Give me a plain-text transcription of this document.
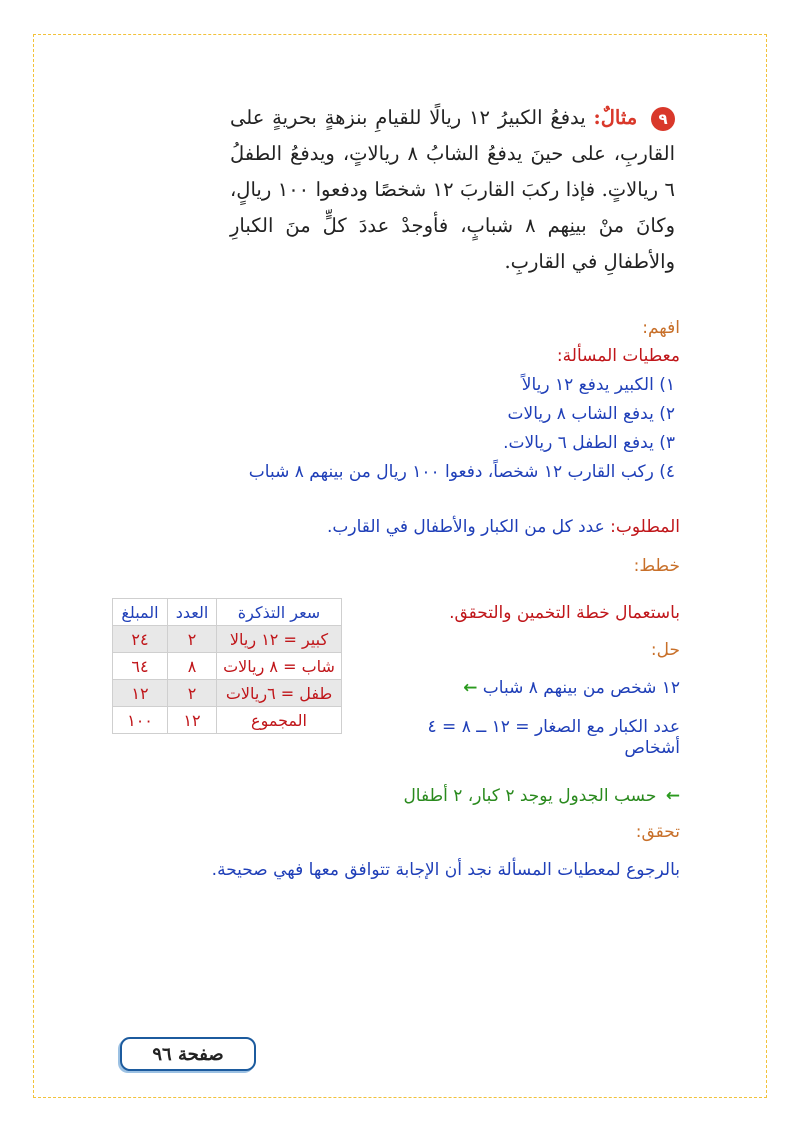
٩ مثالٌ: يدفعُ الكبيرُ ١٢ ريالًا للقيامِ بنزهةٍ بحريةٍ على القاربِ، على حينَ يدفعُ الشابُ ٨ ريالاتٍ، ويدفعُ الطفلُ ٦ ريالاتٍ. فإذا ركبَ القاربَ ١٢ شخصًا ودفعوا ١٠٠ ريالٍ، وكانَ منْ بينِهم ٨ شبابٍ، فأوجدْ عددَ كلٍّ منَ الكبارِ والأطفالِ في القاربِ.
افهم:
معطيات المسألة:
١) الكبير يدفع ١٢ ريالاً
٢) يدفع الشاب ٨ ريالات
٣) يدفع الطفل ٦ ريالات.
٤) ركب القارب ١٢ شخصاً، دفعوا ١٠٠ ريال من بينهم ٨ شباب
المطلوب: عدد كل من الكبار والأطفال في القارب.
خطط:
باستعمال خطة التخمين والتحقق.
حل:
١٢ شخص من بينهم ٨ شباب ←
عدد الكبار مع الصغار = ١٢ ــ ٨ = ٤
أشخاص
← حسب الجدول يوجد ٢ كبار، ٢ أطفال
سعر التذكرة	العدد	المبلغ
كبير = ١٢ ريالا	٢	٢٤
شاب = ٨ ريالات	٨	٦٤
طفل = ٦ريالات	٢	١٢
المجموع	١٢	١٠٠
تحقق:
بالرجوع لمعطيات المسألة نجد أن الإجابة تتوافق معها فهي صحيحة.
صفحة ٩٦
